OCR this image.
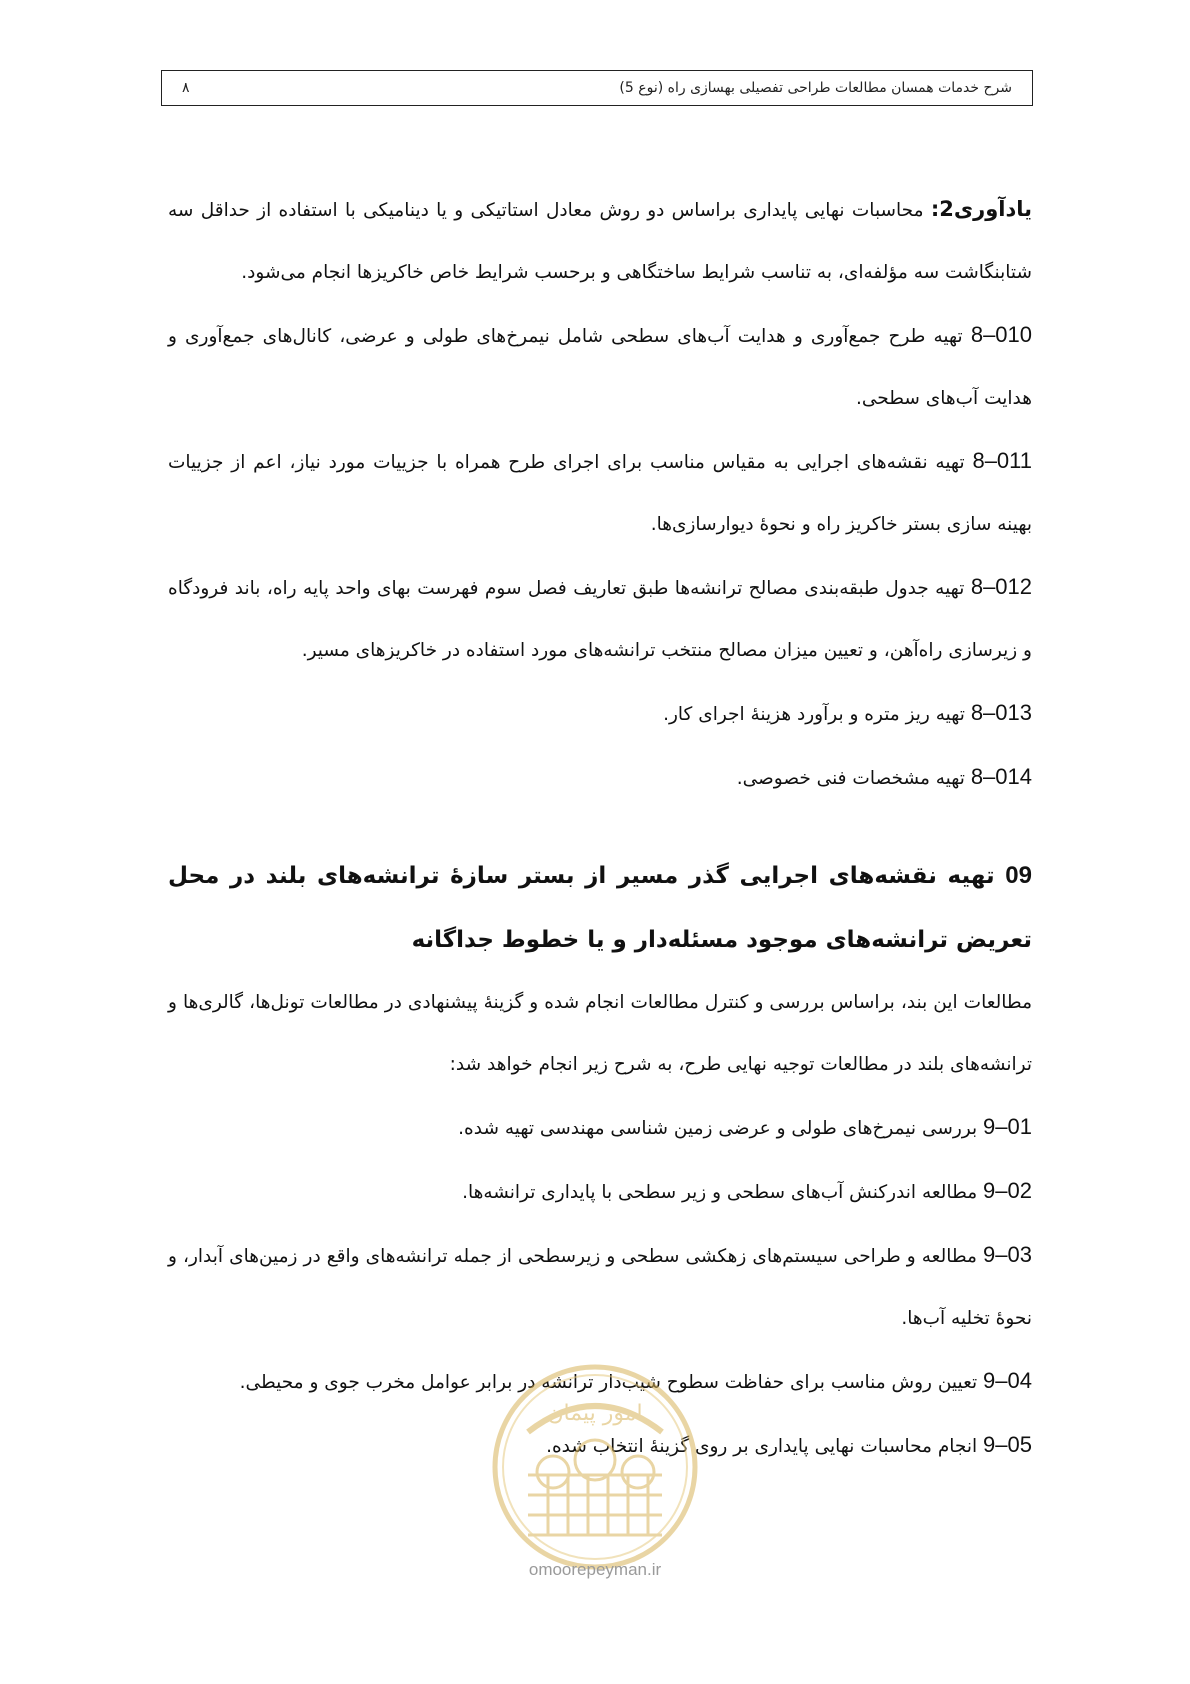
شرح خدمات همسان مطالعات طراحی تفصیلی بهسازی راه (نوع 5)
۸

یادآوری2: محاسبات نهایی پایداری براساس دو روش معادل استاتیکی و یا دینامیکی با استفاده از حداقل سه شتابنگاشت سه مؤلفه‌ای، به تناسب شرایط ساختگاهی و برحسب شرایط خاص خاکریزها انجام می‌شود.

8–010 تهیه طرح جمع‌آوری و هدایت آب‌های سطحی شامل نیمرخ‌های طولی و عرضی، کانال‌های جمع‌آوری و هدایت آب‌های سطحی.

8–011 تهیه نقشه‌های اجرایی به مقیاس مناسب برای اجرای طرح همراه با جزییات مورد نیاز، اعم از جزییات بهینه سازی بستر خاکریز راه و نحوهٔ دیوارسازی‌ها.

8–012 تهیه جدول طبقه‌بندی مصالح ترانشه‌ها طبق تعاریف فصل سوم فهرست بهای واحد پایه راه، باند فرودگاه و زیرسازی راه‌آهن، و تعیین میزان مصالح منتخب ترانشه‌های مورد استفاده در خاکریزهای مسیر.

8–013 تهیه ریز متره و برآورد هزینهٔ اجرای کار.

8–014 تهیه مشخصات فنی خصوصی.

09 تهیه نقشه‌های اجرایی گذر مسیر از بستر سازهٔ ترانشه‌های بلند در محل تعریض ترانشه‌های موجود مسئله‌دار و یا خطوط جداگانه

مطالعات این بند، براساس بررسی و کنترل مطالعات انجام شده و گزینهٔ پیشنهادی در مطالعات تونل‌ها، گالری‌ها و ترانشه‌های بلند در مطالعات توجیه نهایی طرح، به شرح زیر انجام خواهد شد:

9–01 بررسی نیمرخ‌های طولی و عرضی زمین شناسی مهندسی تهیه شده.

9–02 مطالعه اندرکنش آب‌های سطحی و زیر سطحی با پایداری ترانشه‌ها.

9–03 مطالعه و طراحی سیستم‌های زهکشی سطحی و زیرسطحی از جمله ترانشه‌های واقع در زمین‌های آبدار، و نحوهٔ تخلیه آب‌ها.

9–04 تعیین روش مناسب برای حفاظت سطوح شیب‌دار ترانشه در برابر عوامل مخرب جوی و محیطی.

9–05 انجام محاسبات نهایی پایداری بر روی گزینهٔ انتخاب شده.

امور پیمان
omoorepeyman.ir
